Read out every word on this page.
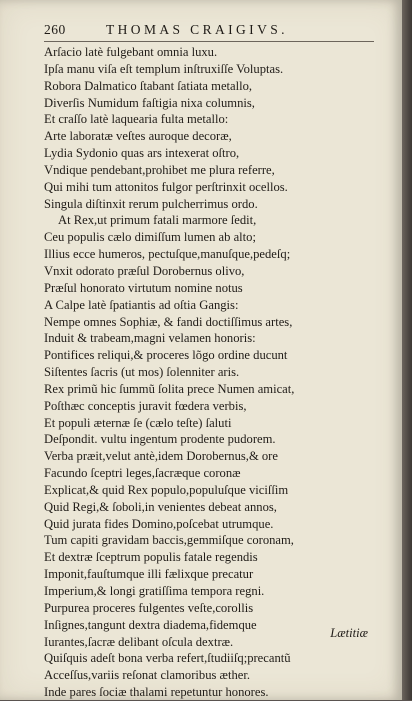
260	THOMAS CRAIGIVS.
Arſacio latè fulgebant omnia luxu.
Ipſa manu viſa eſt templum inſtruxiſſe Voluptas.
Robora Dalmatico ſtabant ſatiata metallo,
Diverſis Numidum faſtigia nixa columnis,
Et craſſo latè laquearia fulta metallo:
Arte laboratæ veſtes auroque decoræ,
Lydia Sydonio quas ars intexerat oſtro,
Vndique pendebant,prohibet me plura referre,
Qui mihi tum attonitos fulgor perſtrinxit ocellos.
Singula diſtinxit rerum pulcherrimus ordo.
At Rex,ut primum fatali marmore ſedit,
Ceu populis cælo dimiſſum lumen ab alto;
Illius ecce humeros, pectuſque,manuſque,pedeſq;
Vnxit odorato præſul Dorobernus olivo,
Præſul honorato virtutum nomine notus
A Calpe latè ſpatiantis ad oſtia Gangis:
Nempe omnes Sophiæ, & fandi doctiſſimus artes,
Induit & trabeam,magni velamen honoris:
Pontifices reliqui,& proceres lõgo ordine ducunt
Siſtentes ſacris (ut mos) ſolenniter aris.
Rex primũ hic ſummũ ſolita prece Numen amicat,
Poſthæc conceptis juravit fœdera verbis,
Et populi æternæ ſe (cælo teſte) ſaluti
Deſpondit. vultu ingentum prodente pudorem.
Verba præit,velut antè,idem Dorobernus,& ore
Facundo ſceptri leges,ſacræque coronæ
Explicat,& quid Rex populo,populuſque viciſſim
Quid Regi,& ſoboli,in venientes debeat annos,
Quid jurata fides Domino,poſcebat utrumque.
Tum capiti gravidam baccis,gemmiſque coronam,
Et dextræ ſceptrum populis fatale regendis
Imponit,fauſtumque illi fælixque precatur
Imperium,& longi gratiſſima tempora regni.
Purpurea proceres fulgentes veſte,corollis
Inſignes,tangunt dextra diadema,fidemque
Iurantes,ſacræ delibant oſcula dextræ.
Quiſquis adeſt bona verba refert,ſtudiiſq;precantũ
Acceſſus,variis reſonat clamoribus æther.
Inde pares ſociæ thalami repetuntur honores.
Lætitiæ
